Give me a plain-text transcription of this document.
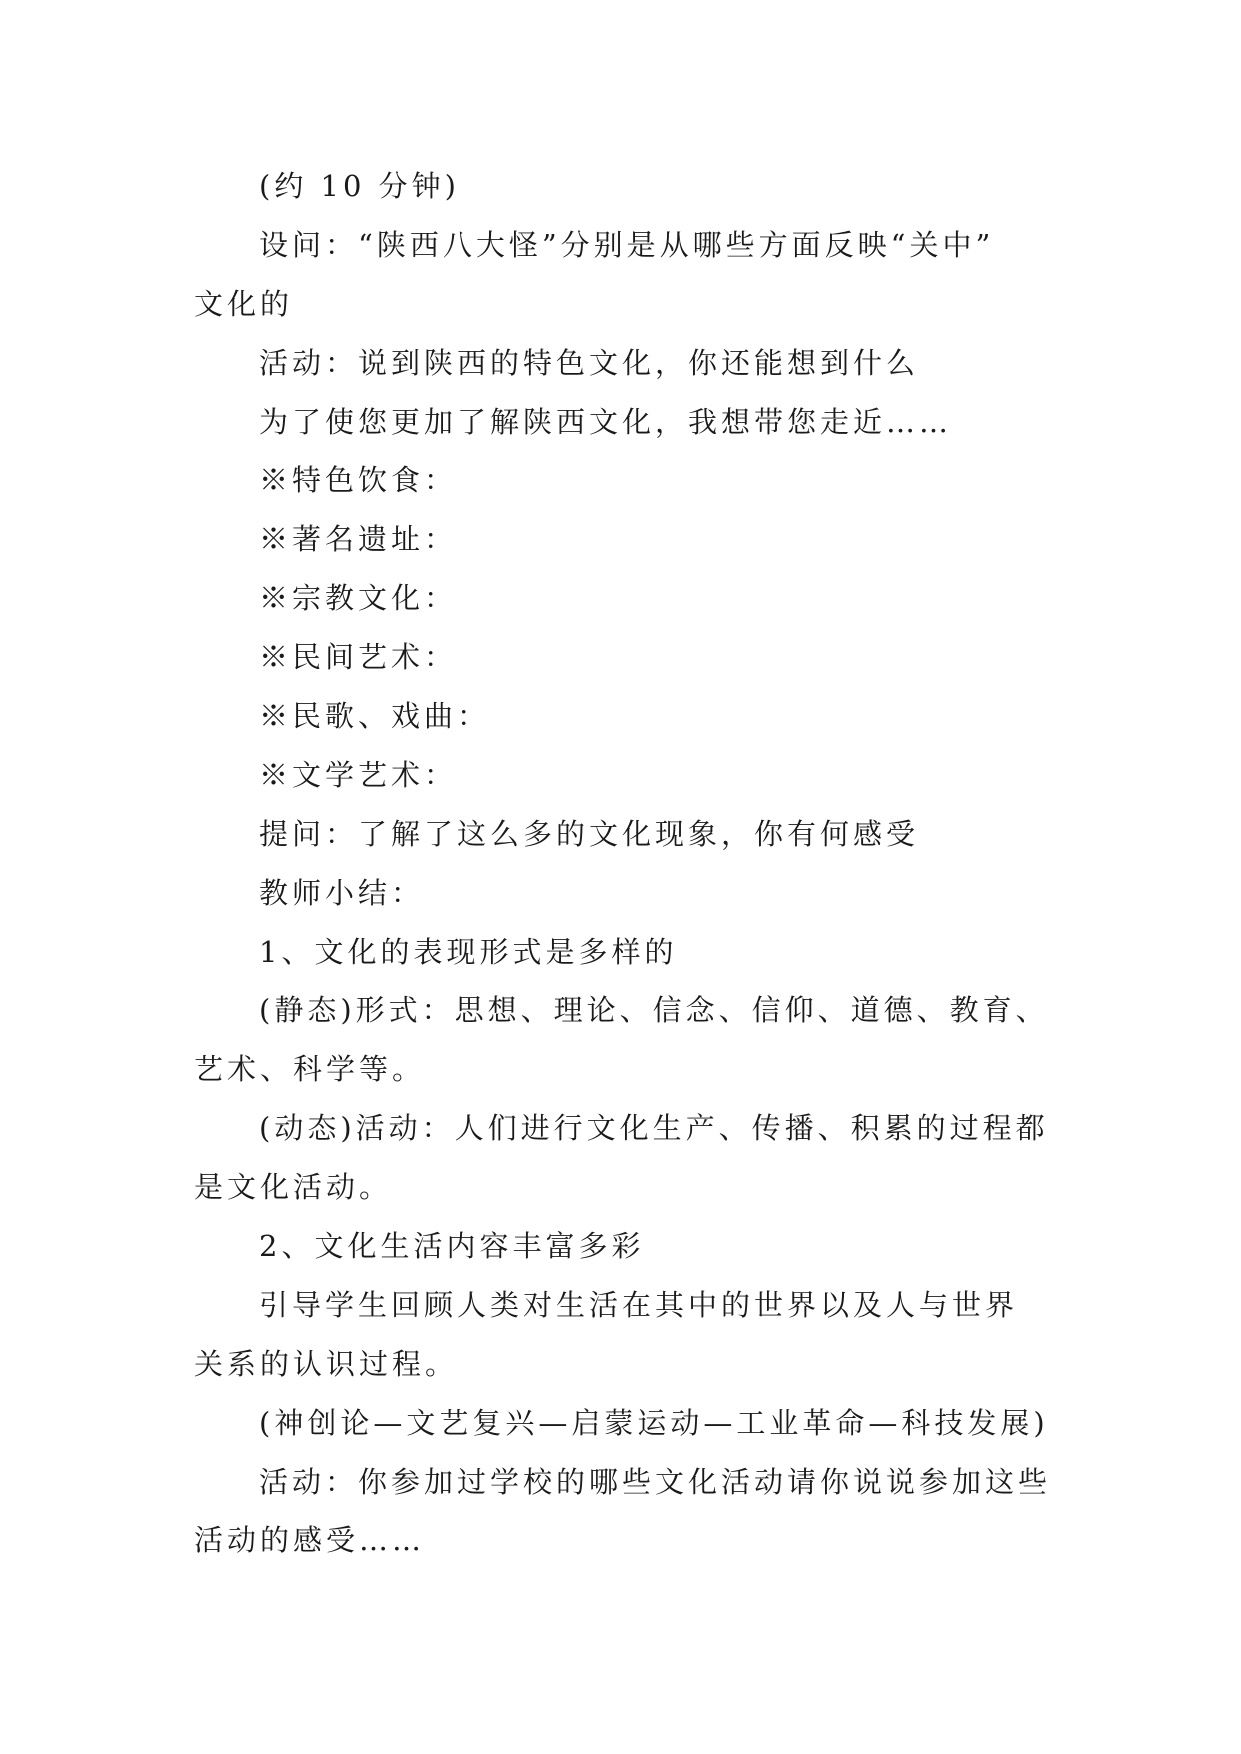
(约 10 分钟)
设问：“陕西八大怪”分别是从哪些方面反映“关中”
文化的
活动：说到陕西的特色文化，你还能想到什么
为了使您更加了解陕西文化，我想带您走近……
※特色饮食：
※著名遗址：
※宗教文化：
※民间艺术：
※民歌、戏曲：
※文学艺术：
提问：了解了这么多的文化现象，你有何感受
教师小结：
1、文化的表现形式是多样的
(静态)形式：思想、理论、信念、信仰、道德、教育、
艺术、科学等。
(动态)活动：人们进行文化生产、传播、积累的过程都
是文化活动。
2、文化生活内容丰富多彩
引导学生回顾人类对生活在其中的世界以及人与世界
关系的认识过程。
(神创论—文艺复兴—启蒙运动—工业革命—科技发展)
活动：你参加过学校的哪些文化活动请你说说参加这些
活动的感受……
